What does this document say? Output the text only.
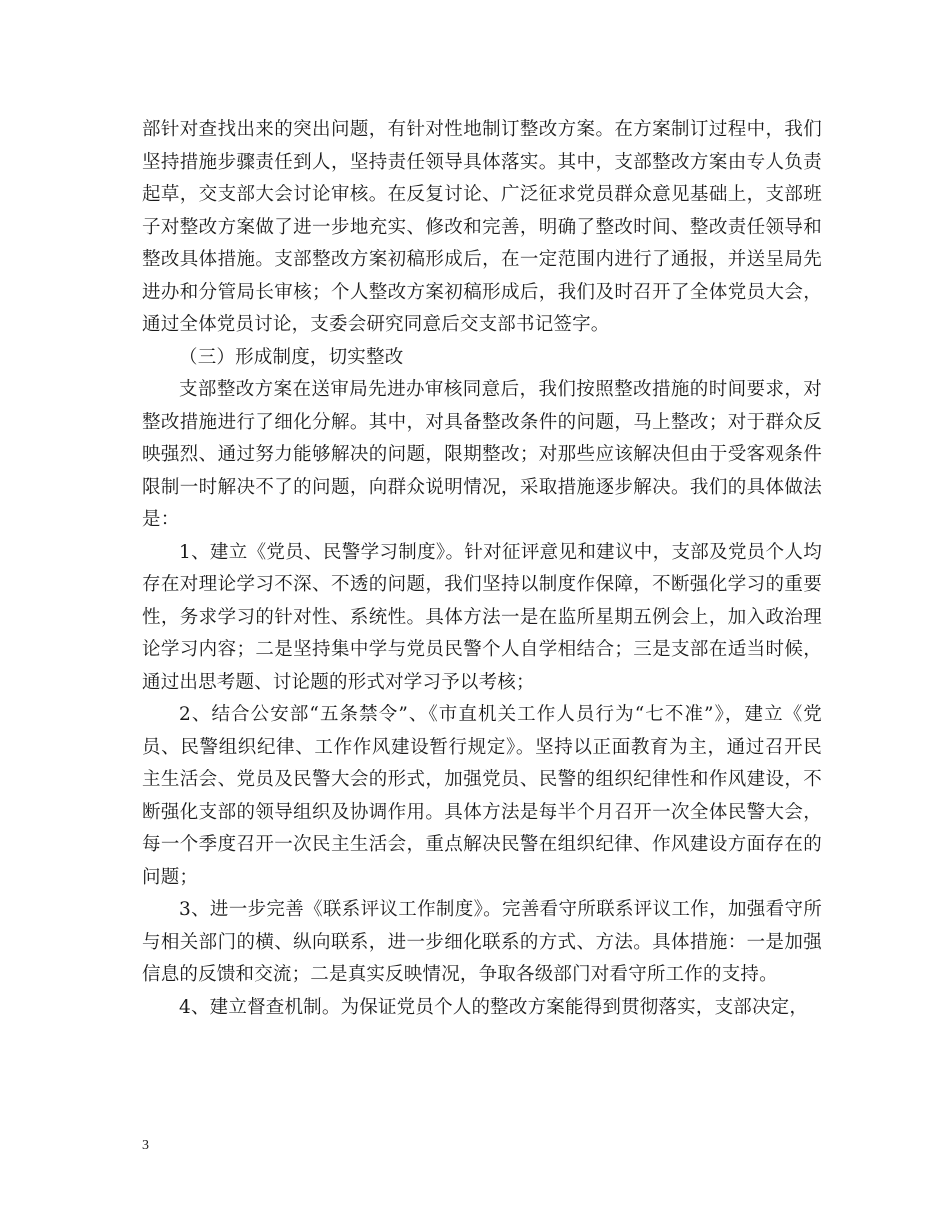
部针对查找出来的突出问题，有针对性地制订整改方案。在方案制订过程中，我们坚持措施步骤责任到人，坚持责任领导具体落实。其中，支部整改方案由专人负责起草，交支部大会讨论审核。在反复讨论、广泛征求党员群众意见基础上，支部班子对整改方案做了进一步地充实、修改和完善，明确了整改时间、整改责任领导和整改具体措施。支部整改方案初稿形成后，在一定范围内进行了通报，并送呈局先进办和分管局长审核；个人整改方案初稿形成后，我们及时召开了全体党员大会，通过全体党员讨论，支委会研究同意后交支部书记签字。

（三）形成制度，切实整改

支部整改方案在送审局先进办审核同意后，我们按照整改措施的时间要求，对整改措施进行了细化分解。其中，对具备整改条件的问题，马上整改；对于群众反映强烈、通过努力能够解决的问题，限期整改；对那些应该解决但由于受客观条件限制一时解决不了的问题，向群众说明情况，采取措施逐步解决。我们的具体做法是：

1、建立《党员、民警学习制度》。针对征评意见和建议中，支部及党员个人均存在对理论学习不深、不透的问题，我们坚持以制度作保障，不断强化学习的重要性，务求学习的针对性、系统性。具体方法一是在监所星期五例会上，加入政治理论学习内容；二是坚持集中学与党员民警个人自学相结合；三是支部在适当时候，通过出思考题、讨论题的形式对学习予以考核；

2、结合公安部“五条禁令”、《市直机关工作人员行为“七不准”》，建立《党员、民警组织纪律、工作作风建设暂行规定》。坚持以正面教育为主，通过召开民主生活会、党员及民警大会的形式，加强党员、民警的组织纪律性和作风建设，不断强化支部的领导组织及协调作用。具体方法是每半个月召开一次全体民警大会，每一个季度召开一次民主生活会，重点解决民警在组织纪律、作风建设方面存在的问题；

3、进一步完善《联系评议工作制度》。完善看守所联系评议工作，加强看守所与相关部门的横、纵向联系，进一步细化联系的方式、方法。具体措施：一是加强信息的反馈和交流；二是真实反映情况，争取各级部门对看守所工作的支持。

4、建立督查机制。为保证党员个人的整改方案能得到贯彻落实，支部决定，

3
